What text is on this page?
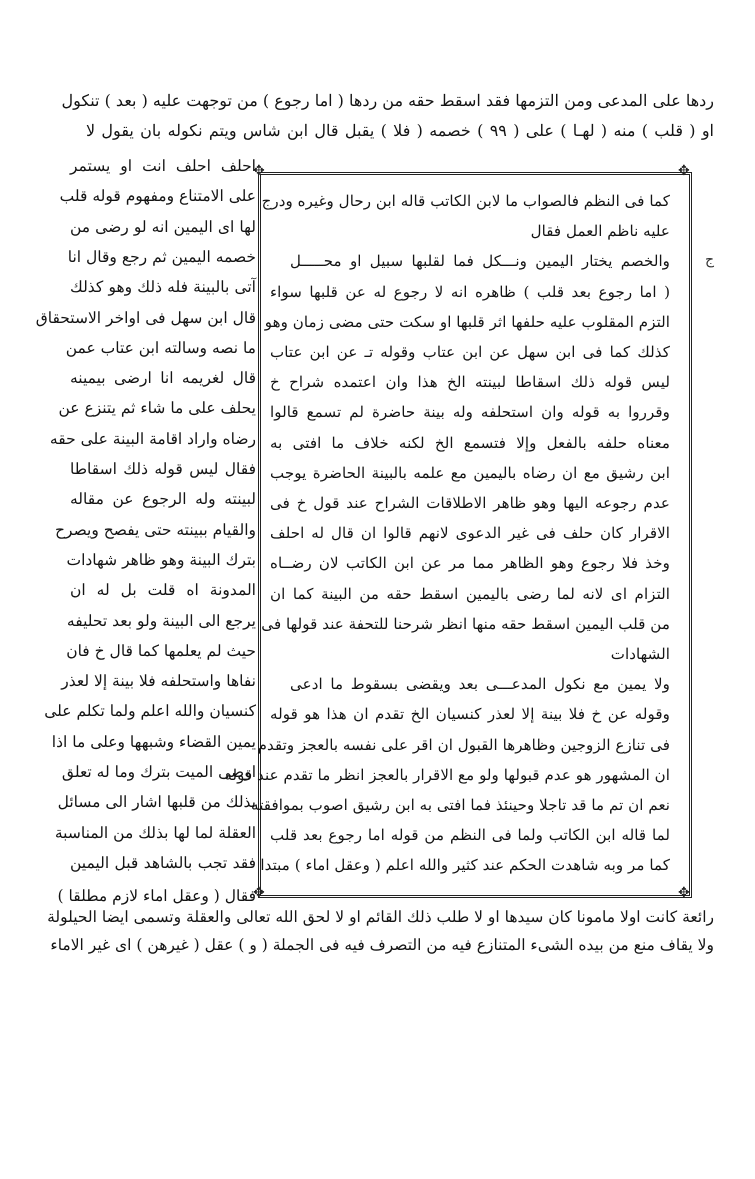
ردها على المدعى ومن التزمها فقد اسقط حقه من ردها ( اما رجوع ) من توجهت عليه ( بعد ) تنكول
او ( قلب ) منه ( لهـا ) على ( ٩٩ ) خصمه ( فلا ) يقبل قال ابن شاس ويتم نكوله بان يقول لا
✥	✥
✥	✥
ج
احلف احلف انت او يستمر
على الامتناع ومفهوم قوله قلب
لها اى اليمين انه لو رضى من
خصمه اليمين ثم رجع وقال انا
آتى بالبينة فله ذلك وهو كذلك
قال ابن سهل فى اواخر الاستحقاق
ما نصه وسالته ابن عتاب عمن
قال لغريمه انا ارضى بيمينه
يحلف على ما شاء ثم يتنزع عن
رضاه واراد اقامة البينة على حقه
فقال ليس قوله ذلك اسقاطا
لبينته وله الرجوع عن مقاله
والقيام ببينته حتى يفصح ويصرح
بترك البينة وهو ظاهر شهادات
المدونة اه قلت بل له ان
يرجع الى البينة ولو بعد تحليفه
حيث لم يعلمها كما قال خ فان
نفاها واستحلفه فلا بينة إلا لعذر
كنسيان والله اعلم ولما تكلم على
يمين القضاء وشبهها وعلى ما اذا
اوصى الميت بترك وما له تعلق
بذلك من قلبها اشار الى مسائل
العقلة لما لها بذلك من المناسبة
فقد تجب بالشاهد قبل اليمين
فقال ( وعقل اماء لازم مطلقا )
كما فى النظم فالصواب ما لابن الكاتب قاله ابن رحال وغيره ودرج
عليه ناظم العمل فقال
والخصم يختار اليمين ونـــكل فما لقلبها سبيل او محـــــل
( اما رجوع بعد قلب ) ظاهره انه لا رجوع له عن قلبها سواء
التزم المقلوب عليه حلفها اثر قلبها او سكت حتى مضى زمان وهو
كذلك كما فى ابن سهل عن ابن عتاب وقوله تـ عن ابن عتاب
ليس قوله ذلك اسقاطا لبينته الخ هذا وان اعتمده شراح خ
وقرروا به قوله وان استحلفه وله بينة حاضرة لم تسمع قالوا
معناه حلفه بالفعل وإلا فتسمع الخ لكنه خلاف ما افتى به
ابن رشيق مع ان رضاه باليمين مع علمه بالبينة الحاضرة يوجب
عدم رجوعه اليها وهو ظاهر الاطلاقات الشراح عند قول خ فى
الاقرار كان حلف فى غير الدعوى لانهم قالوا ان قال له احلف
وخذ فلا رجوع وهو الظاهر مما مر عن ابن الكاتب لان رضــاه
التزام اى لانه لما رضى باليمين اسقط حقه من البينة كما ان
من قلب اليمين اسقط حقه منها انظر شرحنا للتحفة عند قولها فى
الشهادات
ولا يمين مع نكول المدعـــى بعد ويقضى بسقوط ما ادعى
وقوله عن خ فلا بينة إلا لعذر كنسيان الخ تقدم ان هذا هو قوله
فى تنازع الزوجين وظاهرها القبول ان اقر على نفسه بالعجز وتقدم
ان المشهور هو عدم قبولها ولو مع الاقرار بالعجز انظر ما تقدم عند قوله
نعم ان تم ما قد تاجلا وحينئذ فما افتى به ابن رشيق اصوب بموافقته
لما قاله ابن الكاتب ولما فى النظم من قوله اما رجوع بعد قلب
كما مر وبه شاهدت الحكم عند كثير والله اعلم ( وعقل اماء ) مبتدا
رائعة كانت اولا مامونا كان سيدها او لا طلب ذلك القائم او لا لحق الله تعالى والعقلة وتسمى ايضا الحيلولة
ولا يقاف منع من بيده الشىء المتنازع فيه من التصرف فيه فى الجملة ( و ) عقل ( غيرهن ) اى غير الاماء
